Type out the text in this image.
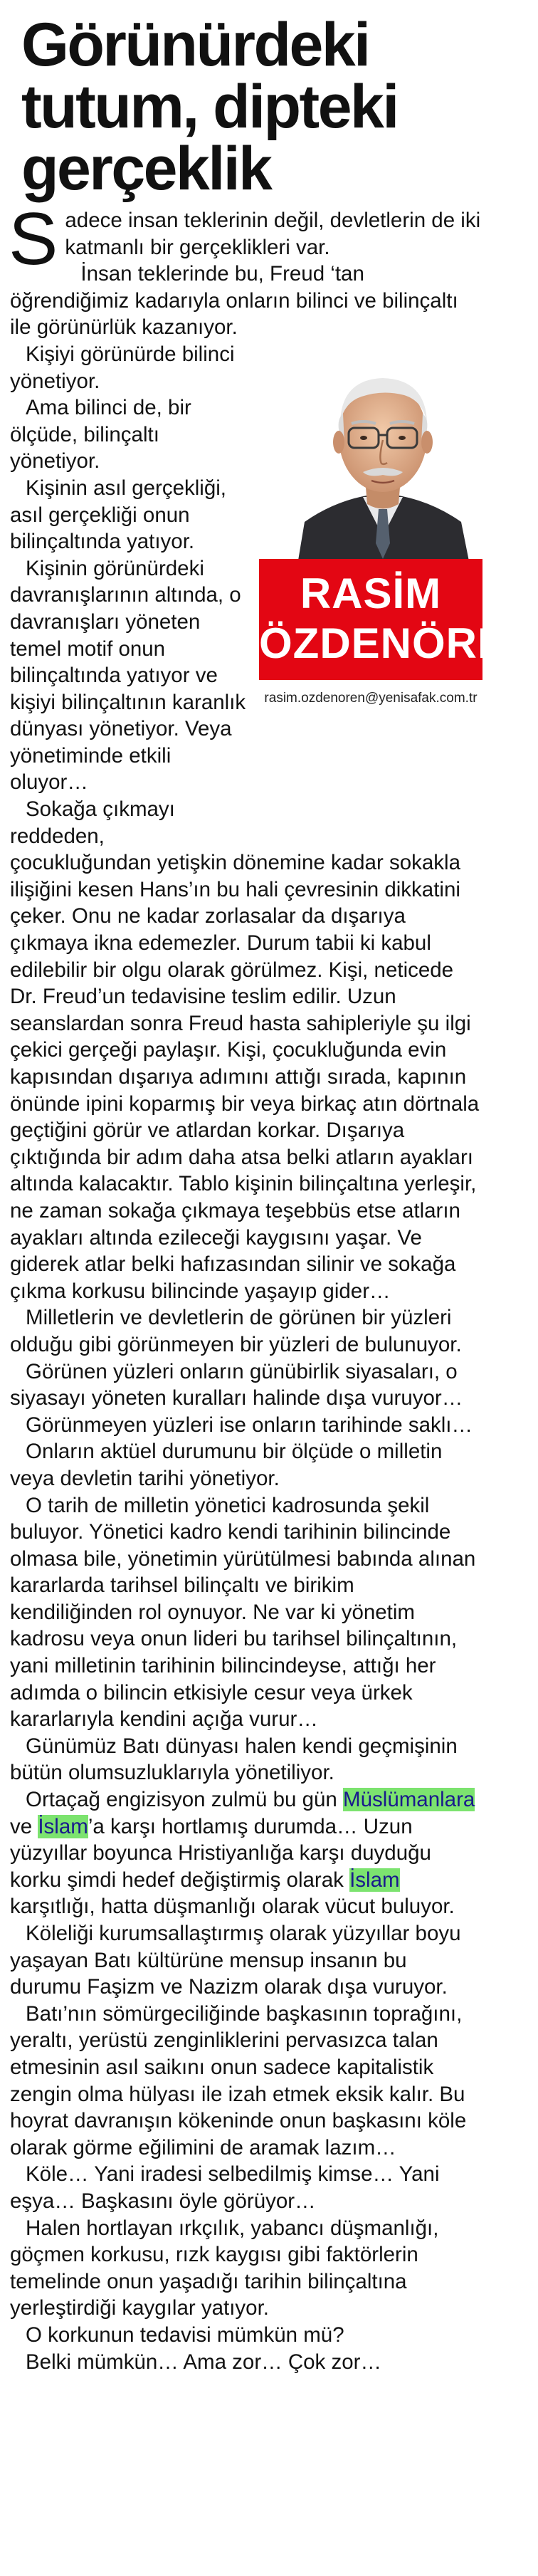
Görünürdeki
tutum, dipteki
gerçeklik

Sadece insan teklerinin değil, devletlerin de iki katmanlı bir gerçeklikleri var.

İnsan teklerinde bu, Freud ‘tan öğrendiğimiz kadarıyla onların bilinci ve bilinçaltı ile görünürlük kazanıyor.

RASİM
ÖZDENÖREN
rasim.ozdenoren@yenisafak.com.tr

Kişiyi görünürde bilinci yönetiyor.

Ama bilinci de, bir ölçüde, bilinçaltı yönetiyor.

Kişinin asıl gerçekliği, asıl gerçekliği onun bilinçaltında yatıyor.

Kişinin görünürdeki davranışlarının altında, o davranışları yöneten temel motif onun bilinçaltında yatıyor ve kişiyi bilinçaltının karanlık dünyası yönetiyor. Veya yönetiminde etkili oluyor…

Sokağa çıkmayı reddeden, çocukluğundan yetişkin dönemine kadar sokakla ilişiğini kesen Hans’ın bu hali çevresinin dikkatini çeker. Onu ne kadar zorlasalar da dışarıya çıkmaya ikna edemezler. Durum tabii ki kabul edilebilir bir olgu olarak görülmez. Kişi, neticede Dr. Freud’un tedavisine teslim edilir. Uzun seanslardan sonra Freud hasta sahipleriyle şu ilgi çekici gerçeği paylaşır. Kişi, çocukluğunda evin kapısından dışarıya adımını attığı sırada, kapının önünde ipini koparmış bir veya birkaç atın dörtnala geçtiğini görür ve atlardan korkar. Dışarıya çıktığında bir adım daha atsa belki atların ayakları altında kalacaktır. Tablo kişinin bilinçaltına yerleşir, ne zaman sokağa çıkmaya teşebbüs etse atların ayakları altında ezileceği kaygısını yaşar. Ve giderek atlar belki hafızasından silinir ve sokağa çıkma korkusu bilincinde yaşayıp gider…

Milletlerin ve devletlerin de görünen bir yüzleri olduğu gibi görünmeyen bir yüzleri de bulunuyor.

Görünen yüzleri onların günübirlik siyasaları, o siyasayı yöneten kuralları halinde dışa vuruyor…

Görünmeyen yüzleri ise onların tarihinde saklı…

Onların aktüel durumunu bir ölçüde o milletin veya devletin tarihi yönetiyor.

O tarih de milletin yönetici kadrosunda şekil buluyor. Yönetici kadro kendi tarihinin bilincinde olmasa bile, yönetimin yürütülmesi babında alınan kararlarda tarihsel bilinçaltı ve birikim kendiliğinden rol oynuyor. Ne var ki yönetim kadrosu veya onun lideri bu tarihsel bilinçaltının, yani milletinin tarihinin bilincindeyse, attığı her adımda o bilincin etkisiyle cesur veya ürkek kararlarıyla kendini açığa vurur…

Günümüz Batı dünyası halen kendi geçmişinin bütün olumsuzluklarıyla yönetiliyor.

Ortaçağ engizisyon zulmü bu gün Müslümanlara ve İslam’a karşı hortlamış durumda… Uzun yüzyıllar boyunca Hristiyanlığa karşı duyduğu korku şimdi hedef değiştirmiş olarak İslam karşıtlığı, hatta düşmanlığı olarak vücut buluyor.

Köleliği kurumsallaştırmış olarak yüzyıllar boyu yaşayan Batı kültürüne mensup insanın bu durumu Faşizm ve Nazizm olarak dışa vuruyor.

Batı’nın sömürgeciliğinde başkasının toprağını, yeraltı, yerüstü zenginliklerini pervasızca talan etmesinin asıl saikını onun sadece kapitalistik zengin olma hülyası ile izah etmek eksik kalır. Bu hoyrat davranışın kökeninde onun başkasını köle olarak görme eğilimini de aramak lazım…

Köle… Yani iradesi selbedilmiş kimse… Yani eşya… Başkasını öyle görüyor…

Halen hortlayan ırkçılık, yabancı düşmanlığı, göçmen korkusu, rızk kaygısı gibi faktörlerin temelinde onun yaşadığı tarihin bilinçaltına yerleştirdiği kaygılar yatıyor.

O korkunun tedavisi mümkün mü?

Belki mümkün… Ama zor… Çok zor…
